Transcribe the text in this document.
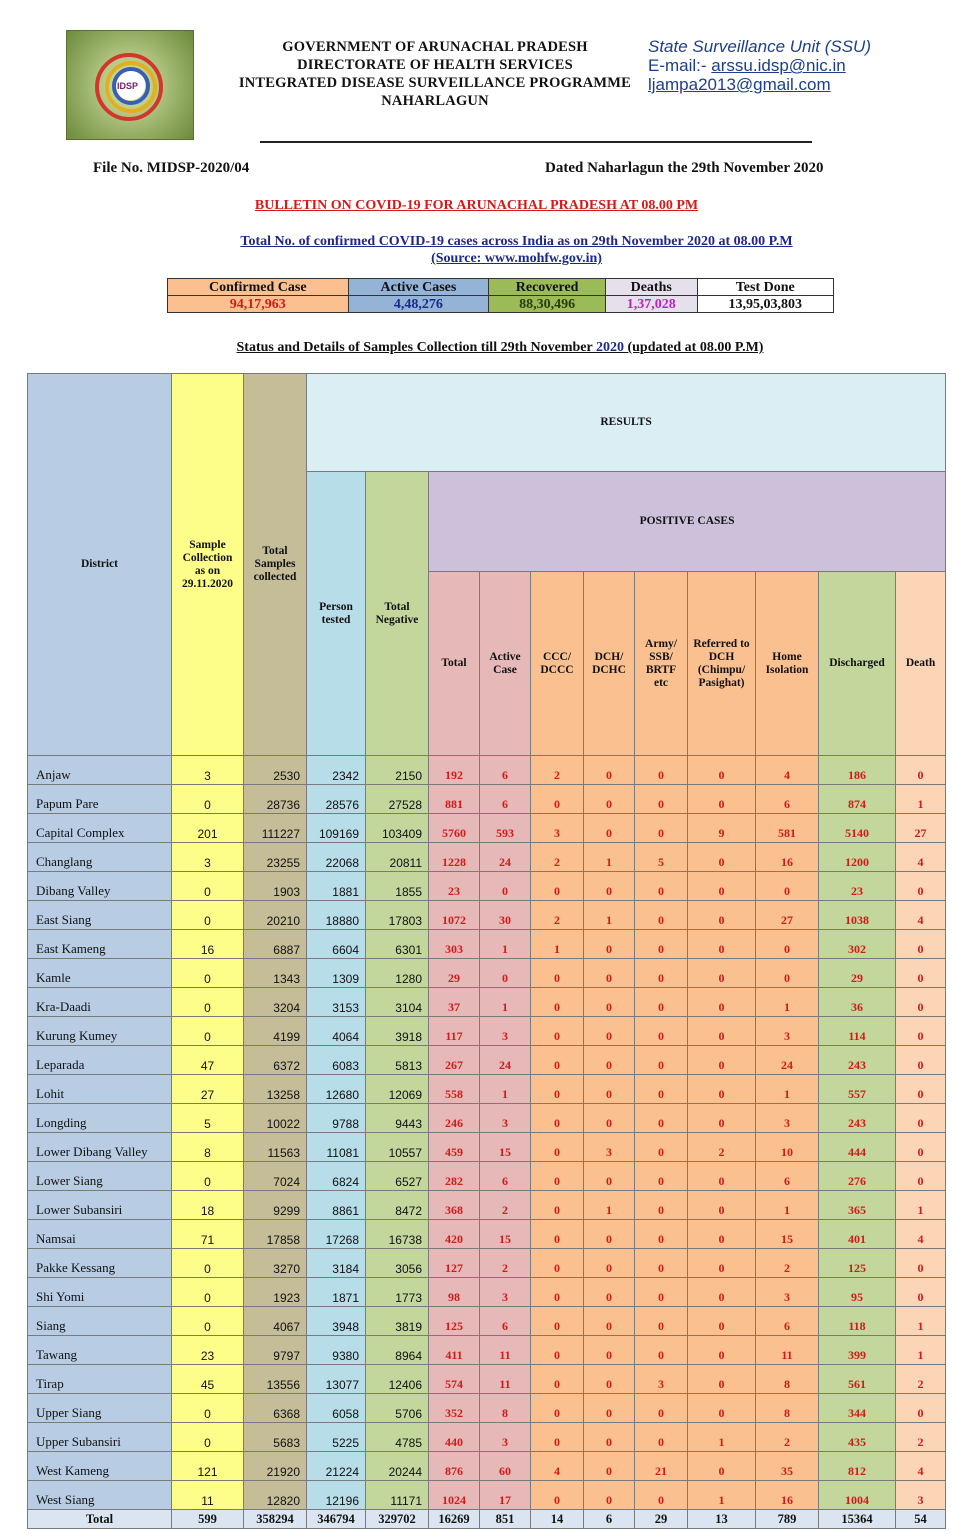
IDSP
GOVERNMENT OF ARUNACHAL PRADESH
DIRECTORATE OF HEALTH SERVICES
INTEGRATED DISEASE SURVEILLANCE PROGRAMME
NAHARLAGUN
State Surveillance Unit (SSU)
E-mail:- arssu.idsp@nic.in
ljampa2013@gmail.com
File No. MIDSP-2020/04	Dated Naharlagun the 29th November 2020
BULLETIN ON COVID-19 FOR ARUNACHAL PRADESH AT 08.00 PM
Total No. of confirmed COVID-19 cases across India as on 29th November 2020 at 08.00 P.M
(Source: www.mohfw.gov.in)
Confirmed Case	Active Cases	Recovered	Deaths	Test Done
94,17,963	4,48,276	88,30,496	1,37,028	13,95,03,803
Status and Details of Samples Collection till 29th November 2020 (updated at 08.00 P.M)
District	Sample Collection as on 29.11.2020	Total Samples collected	RESULTS										
			Person tested	Total Negative	POSITIVE CASES								
					Total	Active Case	CCC/ DCCC	DCH/ DCHC	Army/ SSB/ BRTF etc	Referred to DCH (Chimpu/ Pasighat)	Home Isolation	Discharged	Death
Anjaw	3	2530	2342	2150	192	6	2	0	0	0	4	186	0
Papum Pare	0	28736	28576	27528	881	6	0	0	0	0	6	874	1
Capital Complex	201	111227	109169	103409	5760	593	3	0	0	9	581	5140	27
Changlang	3	23255	22068	20811	1228	24	2	1	5	0	16	1200	4
Dibang Valley	0	1903	1881	1855	23	0	0	0	0	0	0	23	0
East Siang	0	20210	18880	17803	1072	30	2	1	0	0	27	1038	4
East Kameng	16	6887	6604	6301	303	1	1	0	0	0	0	302	0
Kamle	0	1343	1309	1280	29	0	0	0	0	0	0	29	0
Kra-Daadi	0	3204	3153	3104	37	1	0	0	0	0	1	36	0
Kurung Kumey	0	4199	4064	3918	117	3	0	0	0	0	3	114	0
Leparada	47	6372	6083	5813	267	24	0	0	0	0	24	243	0
Lohit	27	13258	12680	12069	558	1	0	0	0	0	1	557	0
Longding	5	10022	9788	9443	246	3	0	0	0	0	3	243	0
Lower Dibang Valley	8	11563	11081	10557	459	15	0	3	0	2	10	444	0
Lower Siang	0	7024	6824	6527	282	6	0	0	0	0	6	276	0
Lower Subansiri	18	9299	8861	8472	368	2	0	1	0	0	1	365	1
Namsai	71	17858	17268	16738	420	15	0	0	0	0	15	401	4
Pakke Kessang	0	3270	3184	3056	127	2	0	0	0	0	2	125	0
Shi Yomi	0	1923	1871	1773	98	3	0	0	0	0	3	95	0
Siang	0	4067	3948	3819	125	6	0	0	0	0	6	118	1
Tawang	23	9797	9380	8964	411	11	0	0	0	0	11	399	1
Tirap	45	13556	13077	12406	574	11	0	0	3	0	8	561	2
Upper Siang	0	6368	6058	5706	352	8	0	0	0	0	8	344	0
Upper Subansiri	0	5683	5225	4785	440	3	0	0	0	1	2	435	2
West Kameng	121	21920	21224	20244	876	60	4	0	21	0	35	812	4
West Siang	11	12820	12196	11171	1024	17	0	0	0	1	16	1004	3
Total	599	358294	346794	329702	16269	851	14	6	29	13	789	15364	54
